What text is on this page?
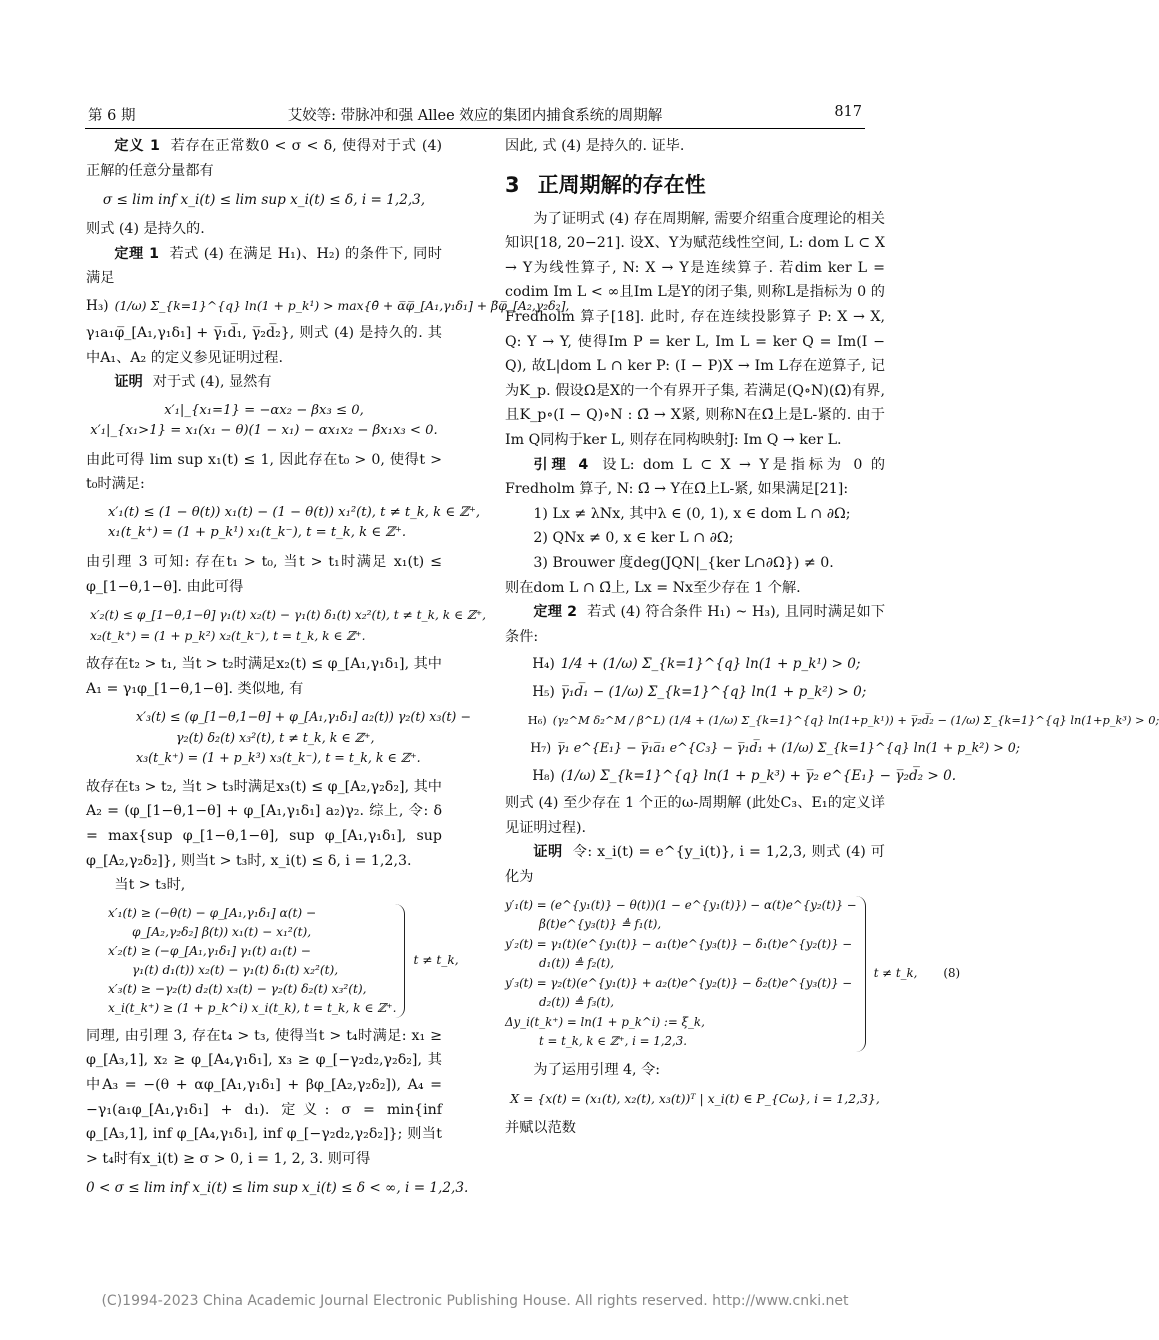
第 6 期	艾姣等: 带脉冲和强 Allee 效应的集团内捕食系统的周期解	817

定义 1 若存在正常数0 < σ < δ, 使得对于式 (4) 正解的任意分量都有

σ ≤ lim inf x_i(t) ≤ lim sup x_i(t) ≤ δ, i = 1,2,3,

则式 (4) 是持久的.

定理 1 若式 (4) 在满足 H₁)、H₂) 的条件下, 同时满足

H₃) (1/ω) Σ_{k=1}^{q} ln(1 + p_k¹) > max{θ̄ + α̅φ̅_[A₁,γ₁δ₁] + β̅φ̅_[A₂,γ₂δ₂],

γ₁a₁φ̅_[A₁,γ₁δ₁] + γ̅₁d̅₁, γ̅₂d̅₂}, 则式 (4) 是持久的. 其中A₁、A₂ 的定义参见证明过程.

证明 对于式 (4), 显然有

x′₁|_{x₁=1} = −αx₂ − βx₃ ≤ 0,
x′₁|_{x₁>1} = x₁(x₁ − θ)(1 − x₁) − αx₁x₂ − βx₁x₃ < 0.

由此可得 lim sup x₁(t) ≤ 1, 因此存在t₀ > 0, 使得t > t₀时满足:

x′₁(t) ≤ (1 − θ(t)) x₁(t) − (1 − θ(t)) x₁²(t), t ≠ t_k, k ∈ ℤ⁺,
x₁(t_k⁺) = (1 + p_k¹) x₁(t_k⁻), t = t_k, k ∈ ℤ⁺.

由引理 3 可知: 存在t₁ > t₀, 当t > t₁时满足 x₁(t) ≤ φ_[1−θ,1−θ]. 由此可得

x′₂(t) ≤ φ_[1−θ,1−θ] γ₁(t) x₂(t) − γ₁(t) δ₁(t) x₂²(t), t ≠ t_k, k ∈ ℤ⁺,
x₂(t_k⁺) = (1 + p_k²) x₂(t_k⁻), t = t_k, k ∈ ℤ⁺.

故存在t₂ > t₁, 当t > t₂时满足x₂(t) ≤ φ_[A₁,γ₁δ₁], 其中A₁ = γ₁φ_[1−θ,1−θ]. 类似地, 有

x′₃(t) ≤ (φ_[1−θ,1−θ] + φ_[A₁,γ₁δ₁] a₂(t)) γ₂(t) x₃(t) −
γ₂(t) δ₂(t) x₃²(t), t ≠ t_k, k ∈ ℤ⁺,
x₃(t_k⁺) = (1 + p_k³) x₃(t_k⁻), t = t_k, k ∈ ℤ⁺.

故存在t₃ > t₂, 当t > t₃时满足x₃(t) ≤ φ_[A₂,γ₂δ₂], 其中A₂ = (φ_[1−θ,1−θ] + φ_[A₁,γ₁δ₁] a₂)γ₂. 综上, 令: δ = max{sup φ_[1−θ,1−θ], sup φ_[A₁,γ₁δ₁], sup φ_[A₂,γ₂δ₂]}, 则当t > t₃时, x_i(t) ≤ δ, i = 1,2,3.

当t > t₃时,

x′₁(t) ≥ (−θ(t) − φ_[A₁,γ₁δ₁] α(t) −
φ_[A₂,γ₂δ₂] β(t)) x₁(t) − x₁²(t),
x′₂(t) ≥ (−φ_[A₁,γ₁δ₁] γ₁(t) a₁(t) −
γ₁(t) d₁(t)) x₂(t) − γ₁(t) δ₁(t) x₂²(t),
x′₃(t) ≥ −γ₂(t) d₂(t) x₃(t) − γ₂(t) δ₂(t) x₃²(t),
x_i(t_k⁺) ≥ (1 + p_k^i) x_i(t_k), t = t_k, k ∈ ℤ⁺.
t ≠ t_k,

同理, 由引理 3, 存在t₄ > t₃, 使得当t > t₄时满足: x₁ ≥ φ_[A₃,1], x₂ ≥ φ_[A₄,γ₁δ₁], x₃ ≥ φ_[−γ₂d₂,γ₂δ₂], 其中A₃ = −(θ + αφ_[A₁,γ₁δ₁] + βφ_[A₂,γ₂δ₂]), A₄ = −γ₁(a₁φ_[A₁,γ₁δ₁] + d₁). 定义: σ = min{inf φ_[A₃,1], inf φ_[A₄,γ₁δ₁], inf φ_[−γ₂d₂,γ₂δ₂]}; 则当t > t₄时有x_i(t) ≥ σ > 0, i = 1, 2, 3. 则可得

0 < σ ≤ lim inf x_i(t) ≤ lim sup x_i(t) ≤ δ < ∞, i = 1,2,3.

因此, 式 (4) 是持久的. 证毕.

3 正周期解的存在性

为了证明式 (4) 存在周期解, 需要介绍重合度理论的相关知识[18, 20−21]. 设X、Y为赋范线性空间, L: dom L ⊂ X → Y为线性算子, N: X → Y是连续算子. 若dim ker L = codim Im L < ∞且Im L是Y的闭子集, 则称L是指标为 0 的 Fredholm 算子[18]. 此时, 存在连续投影算子 P: X → X, Q: Y → Y, 使得Im P = ker L, Im L = ker Q = Im(I − Q), 故L|dom L ∩ ker P: (I − P)X → Im L存在逆算子, 记为K_p. 假设Ω是X的一个有界开子集, 若满足(Q∘N)(Ω̄)有界, 且K_p∘(I − Q)∘N : Ω̄ → X紧, 则称N在Ω̄上是L-紧的. 由于Im Q同构于ker L, 则存在同构映射J: Im Q → ker L.

引理 4 设L: dom L ⊂ X → Y是指标为 0 的 Fredholm 算子, N: Ω̄ → Y在Ω̄上L-紧, 如果满足[21]:

1) Lx ≠ λNx, 其中λ ∈ (0, 1), x ∈ dom L ∩ ∂Ω;

2) QNx ≠ 0, x ∈ ker L ∩ ∂Ω;

3) Brouwer 度deg(JQN|_{ker L∩∂Ω}) ≠ 0.

则在dom L ∩ Ω̄上, Lx = Nx至少存在 1 个解.

定理 2 若式 (4) 符合条件 H₁) ~ H₃), 且同时满足如下条件:

H₄) 1/4 + (1/ω) Σ_{k=1}^{q} ln(1 + p_k¹) > 0;
H₅) γ̅₁d̅₁ − (1/ω) Σ_{k=1}^{q} ln(1 + p_k²) > 0;
H₆) (γ₂^M δ₂^M / β^L) (1/4 + (1/ω) Σ_{k=1}^{q} ln(1+p_k¹)) + γ̅₂d̅₂ − (1/ω) Σ_{k=1}^{q} ln(1+p_k³) > 0;
H₇) γ̅₁ e^{E₁} − γ̅₁a̅₁ e^{C₃} − γ̅₁d̅₁ + (1/ω) Σ_{k=1}^{q} ln(1 + p_k²) > 0;
H₈) (1/ω) Σ_{k=1}^{q} ln(1 + p_k³) + γ̅₂ e^{E₁} − γ̅₂d̅₂ > 0.

则式 (4) 至少存在 1 个正的ω-周期解 (此处C₃、E₁的定义详见证明过程).

证明 令: x_i(t) = e^{y_i(t)}, i = 1,2,3, 则式 (4) 可化为

y′₁(t) = (e^{y₁(t)} − θ(t))(1 − e^{y₁(t)}) − α(t)e^{y₂(t)} −
β(t)e^{y₃(t)} ≜ f₁(t),
y′₂(t) = γ₁(t)(e^{y₁(t)} − a₁(t)e^{y₃(t)} − δ₁(t)e^{y₂(t)} −
d₁(t)) ≜ f₂(t),
y′₃(t) = γ₂(t)(e^{y₁(t)} + a₂(t)e^{y₂(t)} − δ₂(t)e^{y₃(t)} −
d₂(t)) ≜ f₃(t),
Δy_i(t_k⁺) = ln(1 + p_k^i) := ξ_k,
t = t_k, k ∈ ℤ⁺, i = 1,2,3.
t ≠ t_k, (8)

为了运用引理 4, 令:

X = {x(t) = (x₁(t), x₂(t), x₃(t))ᵀ | x_i(t) ∈ P_{Cω}, i = 1,2,3},

并赋以范数

(C)1994-2023 China Academic Journal Electronic Publishing House. All rights reserved. http://www.cnki.net
